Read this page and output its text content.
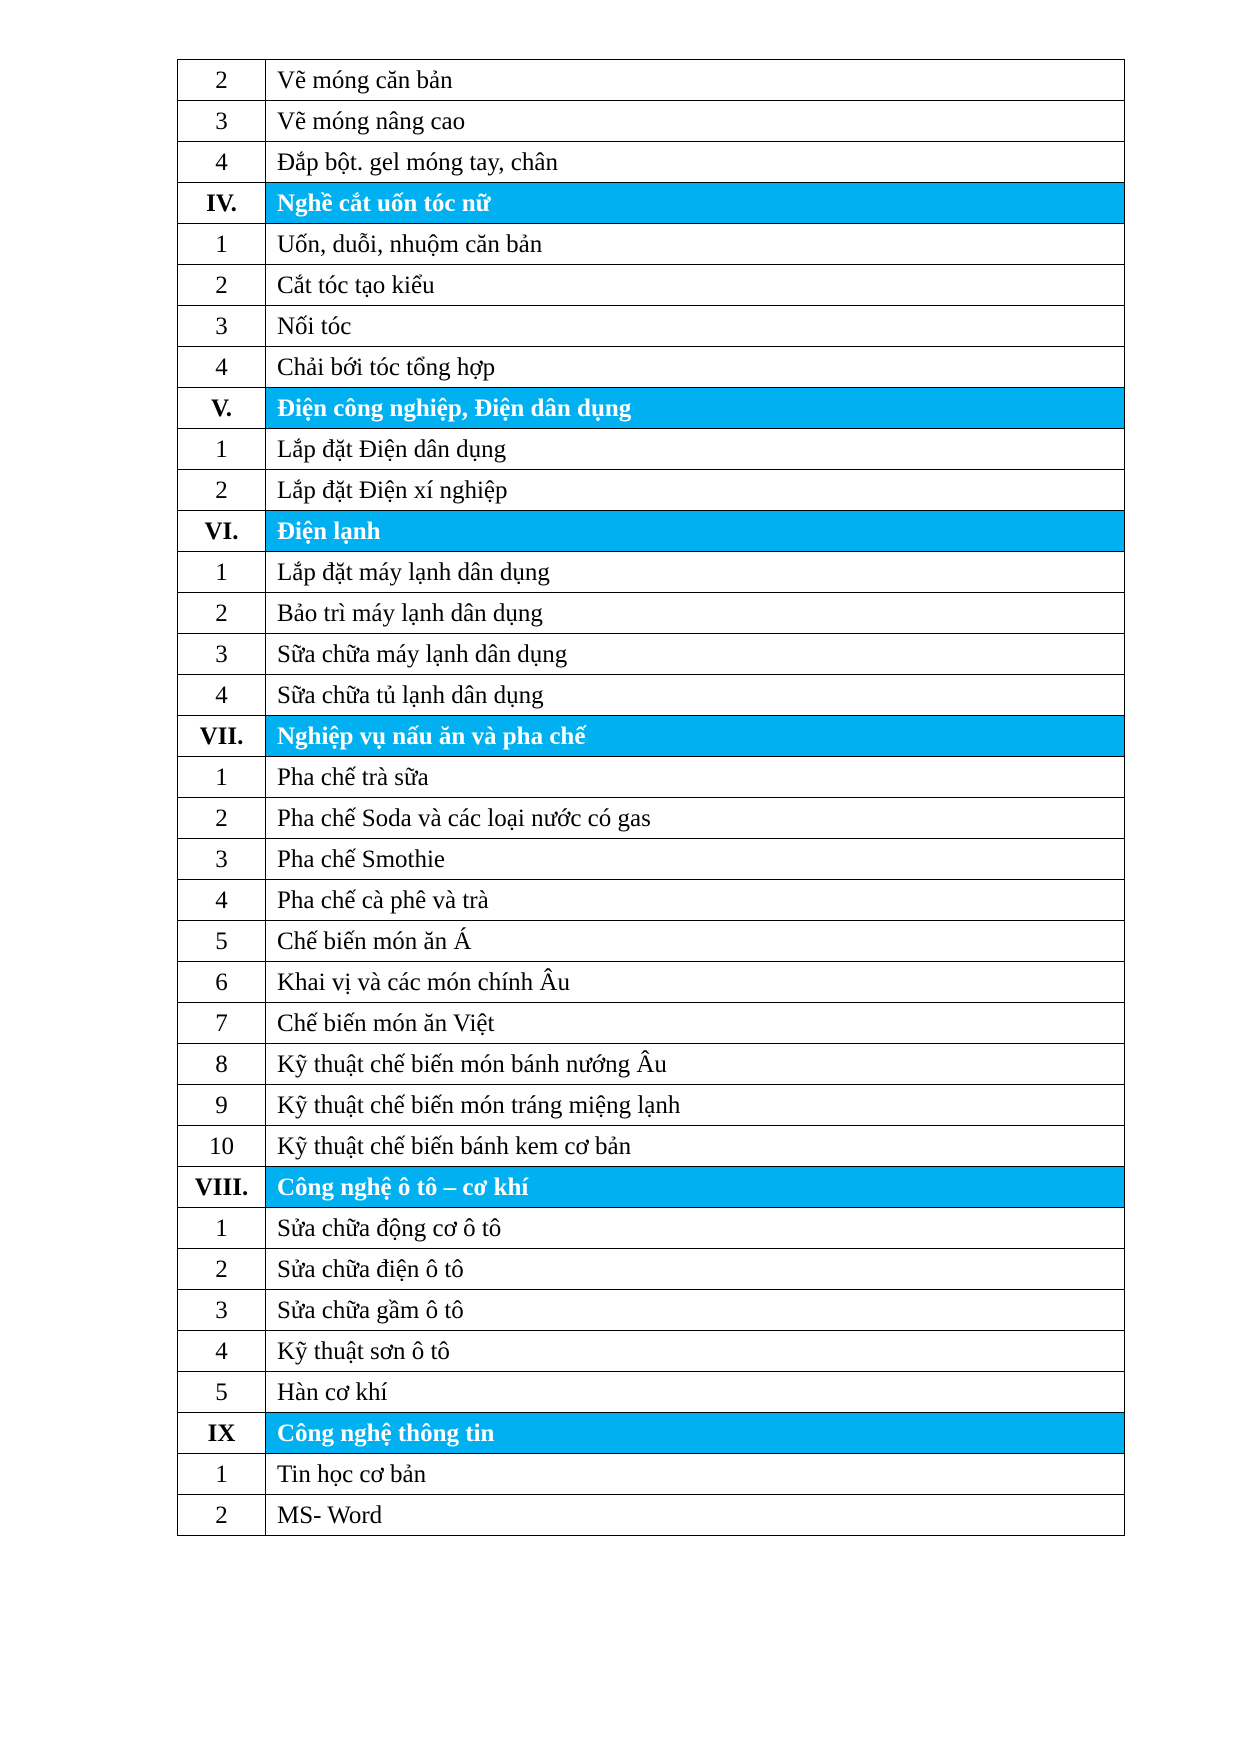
2	Vẽ móng căn bản
3	Vẽ móng nâng cao
4	Đắp bột. gel móng tay, chân
IV.	Nghề cắt uốn tóc nữ
1	Uốn, duỗi, nhuộm căn bản
2	Cắt tóc tạo kiểu
3	Nối tóc
4	Chải bới tóc tổng hợp
V.	Điện công nghiệp, Điện dân dụng
1	Lắp đặt Điện dân dụng
2	Lắp đặt Điện xí nghiệp
VI.	Điện lạnh
1	Lắp đặt máy lạnh dân dụng
2	Bảo trì máy lạnh dân dụng
3	Sữa chữa máy lạnh dân dụng
4	Sữa chữa tủ lạnh dân dụng
VII.	Nghiệp vụ nấu ăn và pha chế
1	Pha chế trà sữa
2	Pha chế Soda và các loại nước có gas
3	Pha chế Smothie
4	Pha chế cà phê và trà
5	Chế biến món ăn Á
6	Khai vị và các món chính Âu
7	Chế biến món ăn Việt
8	Kỹ thuật chế biến món bánh nướng Âu
9	Kỹ thuật chế biến món tráng miệng lạnh
10	Kỹ thuật chế biến bánh kem cơ bản
VIII.	Công nghệ ô tô – cơ khí
1	Sửa chữa động cơ ô tô
2	Sửa chữa điện ô tô
3	Sửa chữa gầm ô tô
4	Kỹ thuật sơn ô tô
5	Hàn cơ khí
IX	Công nghệ thông tin
1	Tin học cơ bản
2	MS- Word
